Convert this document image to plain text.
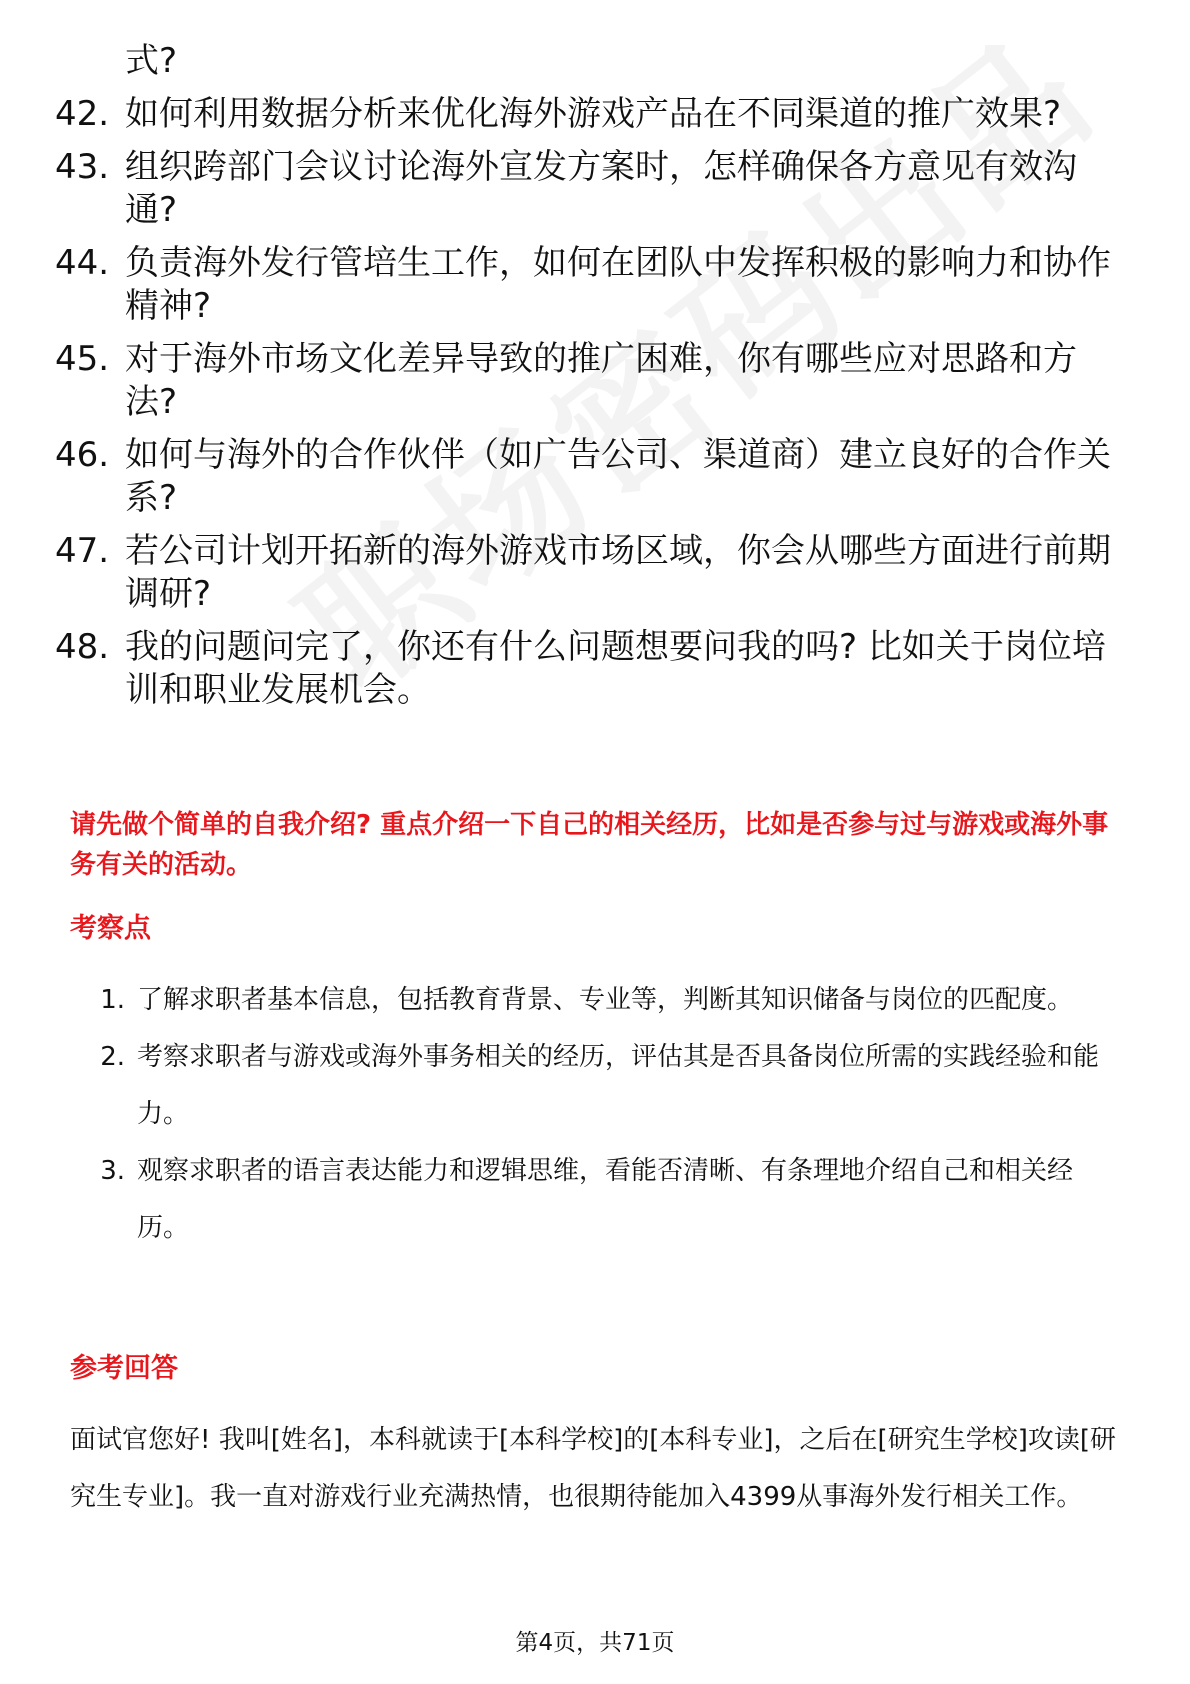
式?
42. 如何利用数据分析来优化海外游戏产品在不同渠道的推广效果?
43. 组织跨部门会议讨论海外宣发方案时，怎样确保各方意见有效沟通?
44. 负责海外发行管培生工作，如何在团队中发挥积极的影响力和协作精神?
45. 对于海外市场文化差异导致的推广困难，你有哪些应对思路和方法?
46. 如何与海外的合作伙伴（如广告公司、渠道商）建立良好的合作关系?
47. 若公司计划开拓新的海外游戏市场区域，你会从哪些方面进行前期调研?
48. 我的问题问完了，你还有什么问题想要问我的吗? 比如关于岗位培训和职业发展机会。
请先做个简单的自我介绍? 重点介绍一下自己的相关经历，比如是否参与过与游戏或海外事务有关的活动。
考察点
1. 了解求职者基本信息，包括教育背景、专业等，判断其知识储备与岗位的匹配度。
2. 考察求职者与游戏或海外事务相关的经历，评估其是否具备岗位所需的实践经验和能力。
3. 观察求职者的语言表达能力和逻辑思维，看能否清晰、有条理地介绍自己和相关经历。
参考回答
面试官您好! 我叫[姓名]，本科就读于[本科学校]的[本科专业]，之后在[研究生学校]攻读[研究生专业]。我一直对游戏行业充满热情，也很期待能加入4399从事海外发行相关工作。
第4页，共71页
